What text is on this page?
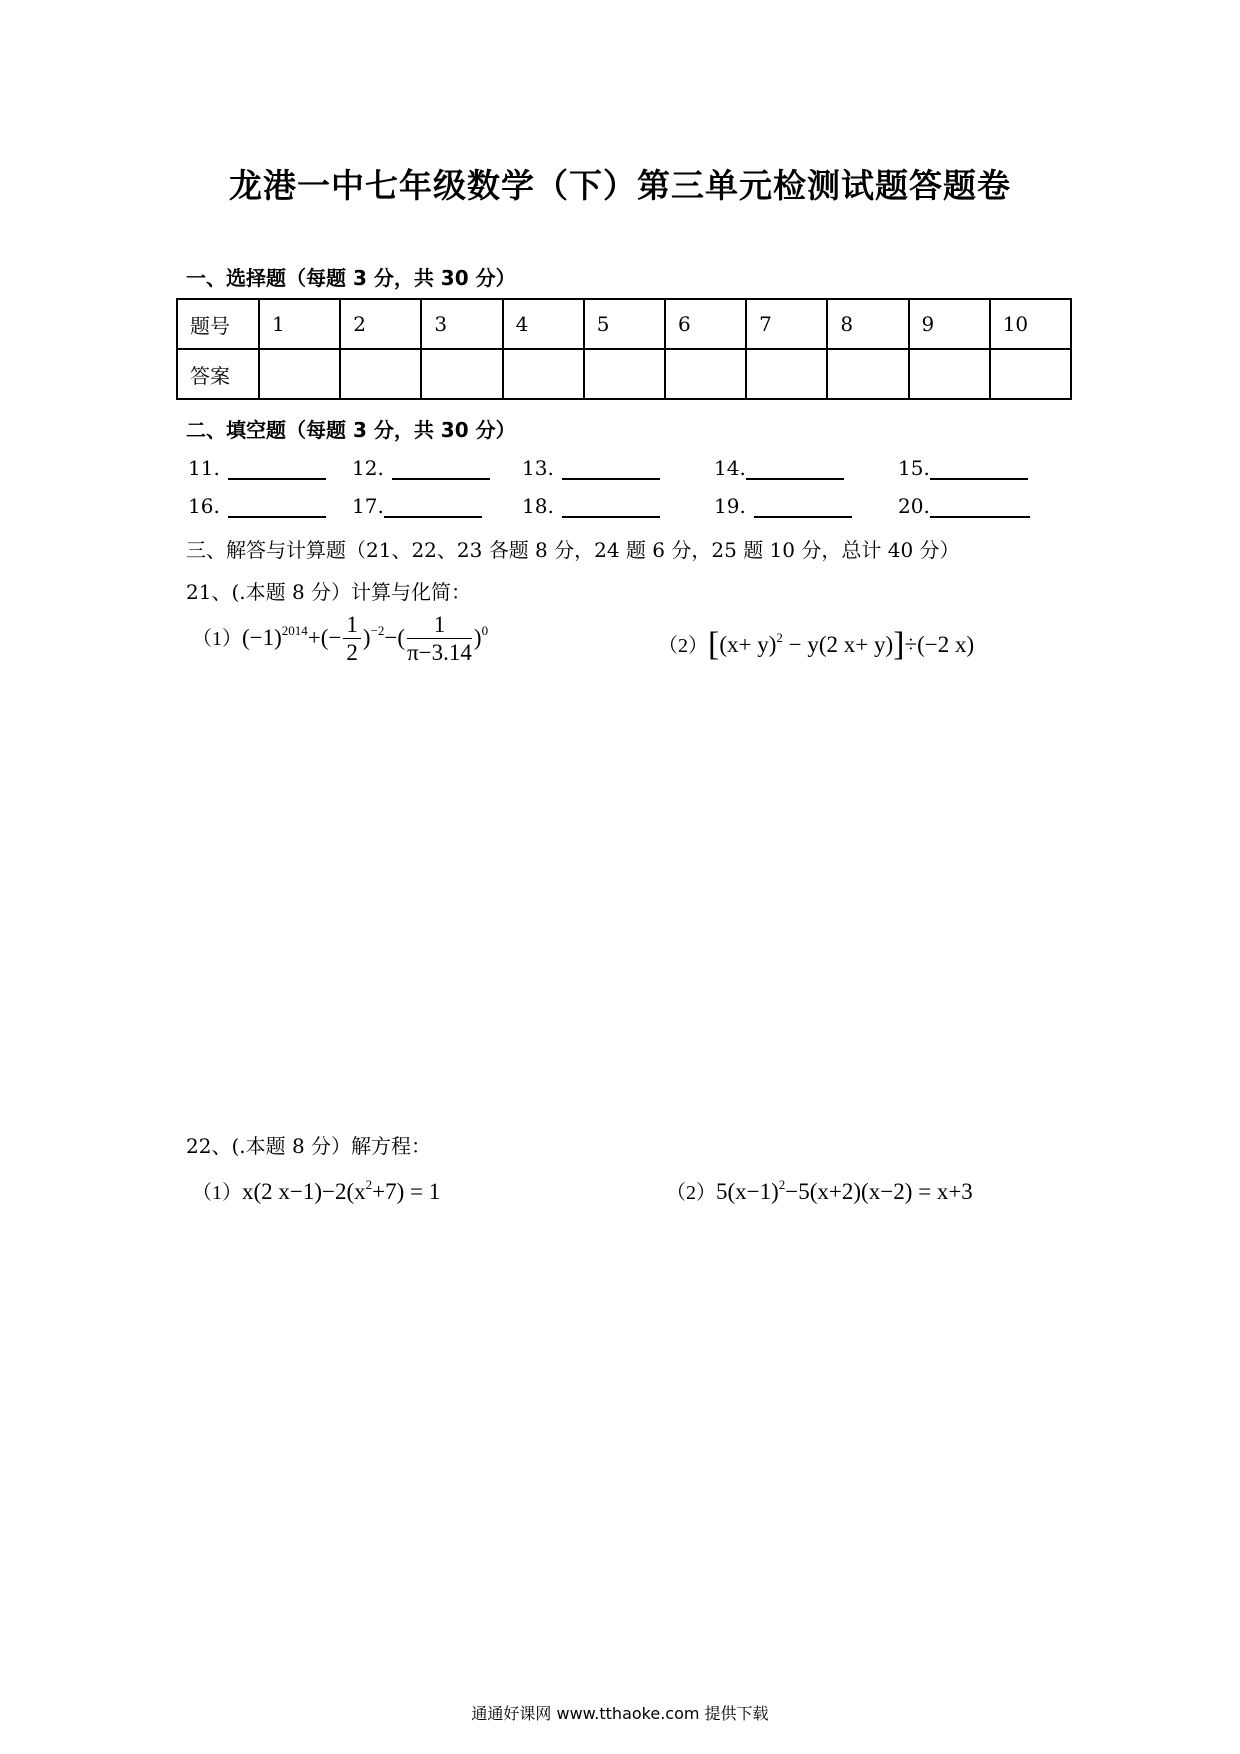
龙港一中七年级数学（下）第三单元检测试题答题卷
一、选择题（每题 3 分，共 30 分）
题号	1	2	3	4	5	6	7	8	9	10
答案										
二、填空题（每题 3 分，共 30 分）
11.	12.	13.	14.	15.
16.	17.	18.	19.	20.
三、解答与计算题（21、22、23 各题 8 分，24 题 6 分，25 题 10 分，总计 40 分）
21、(.本题 8 分）计算与化简：
$(1)(-1)^{2014}+(- \frac{1}{2} )^{-2}-( \frac{1}{\pi-3.14} )^0$
$(2)[(x+ y)^2 - y(2$ x+ y)]÷(−2 x)
22、(.本题 8 分）解方程：
（1）x(2 $x-1)-2(x^2+7) = 1$	$(2)5(x-1)^2-5(x+2)(x-2) = x+3$
通通好课网 www.tthaoke.com 提供下载
